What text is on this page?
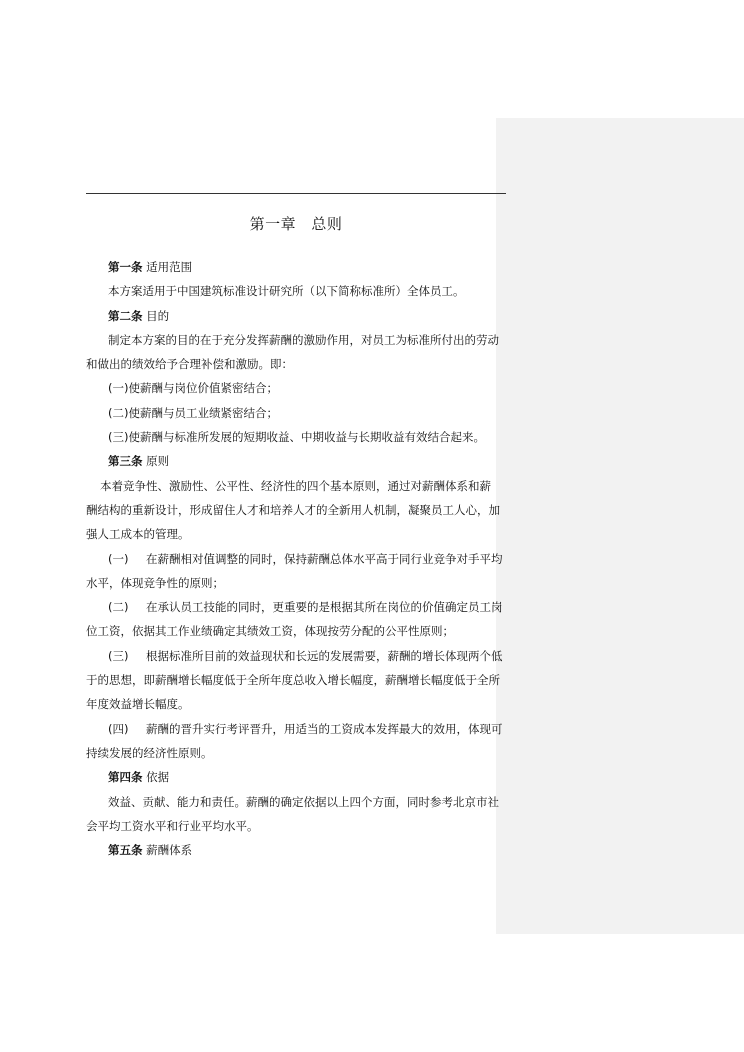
第一章 总则

第一条 适用范围

本方案适用于中国建筑标准设计研究所（以下简称标准所）全体员工。

第二条 目的

制定本方案的目的在于充分发挥薪酬的激励作用，对员工为标准所付出的劳动

和做出的绩效给予合理补偿和激励。即：

(一)使薪酬与岗位价值紧密结合；

(二)使薪酬与员工业绩紧密结合；

(三)使薪酬与标准所发展的短期收益、中期收益与长期收益有效结合起来。

第三条 原则

本着竞争性、激励性、公平性、经济性的四个基本原则，通过对薪酬体系和薪

酬结构的重新设计，形成留住人才和培养人才的全新用人机制，凝聚员工人心，加

强人工成本的管理。

(一) 在薪酬相对值调整的同时，保持薪酬总体水平高于同行业竞争对手平均

水平，体现竞争性的原则；

(二) 在承认员工技能的同时，更重要的是根据其所在岗位的价值确定员工岗

位工资，依据其工作业绩确定其绩效工资，体现按劳分配的公平性原则；

(三) 根据标准所目前的效益现状和长远的发展需要，薪酬的增长体现两个低

于的思想，即薪酬增长幅度低于全所年度总收入增长幅度，薪酬增长幅度低于全所

年度效益增长幅度。

(四) 薪酬的晋升实行考评晋升，用适当的工资成本发挥最大的效用，体现可

持续发展的经济性原则。

第四条 依据

效益、贡献、能力和责任。薪酬的确定依据以上四个方面，同时参考北京市社

会平均工资水平和行业平均水平。

第五条 薪酬体系
